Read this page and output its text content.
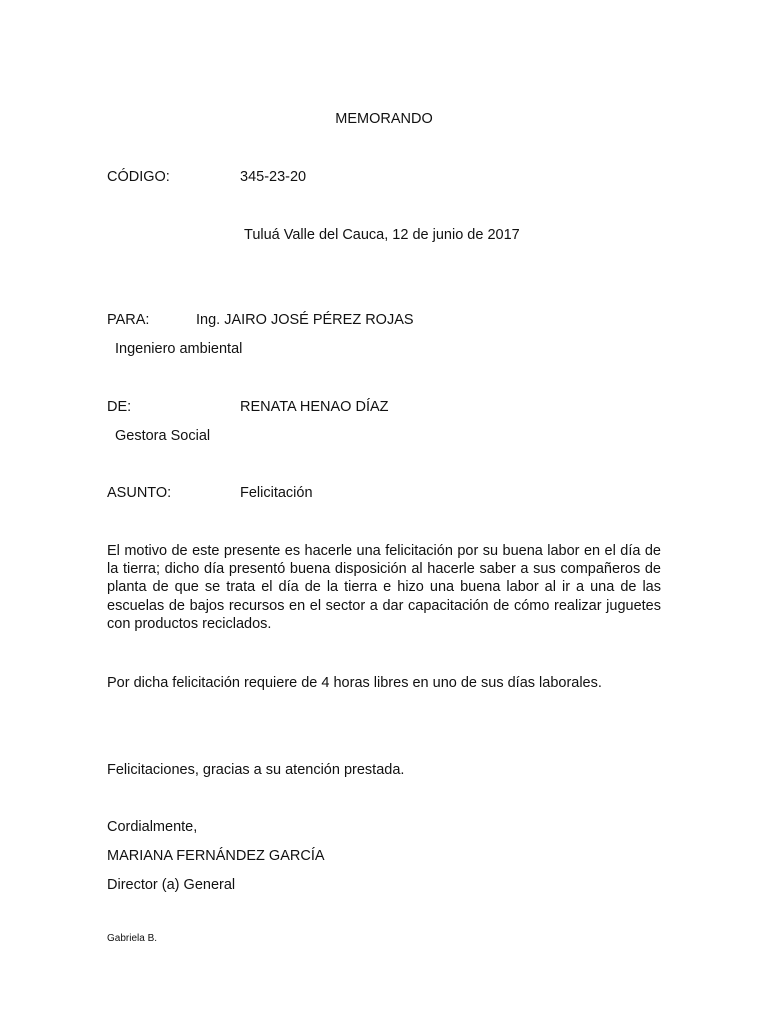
MEMORANDO
CÓDIGO:	345-23-20
Tuluá Valle del Cauca, 12 de junio de 2017
PARA:	Ing. JAIRO JOSÉ PÉREZ ROJAS
Ingeniero ambiental
DE:	RENATA HENAO DÍAZ
Gestora Social
ASUNTO:	Felicitación
El motivo de este presente es hacerle una felicitación por su buena labor en el día de la tierra; dicho día presentó buena disposición al hacerle saber a sus compañeros de planta de que se trata el día de la tierra e hizo una buena labor al ir a una de las escuelas de bajos recursos en el sector a dar capacitación de cómo realizar juguetes con productos reciclados.
Por dicha felicitación requiere de 4 horas libres en uno de sus días laborales.
Felicitaciones, gracias a su atención prestada.
Cordialmente,
MARIANA FERNÁNDEZ GARCÍA
Director (a) General
Gabriela B.
